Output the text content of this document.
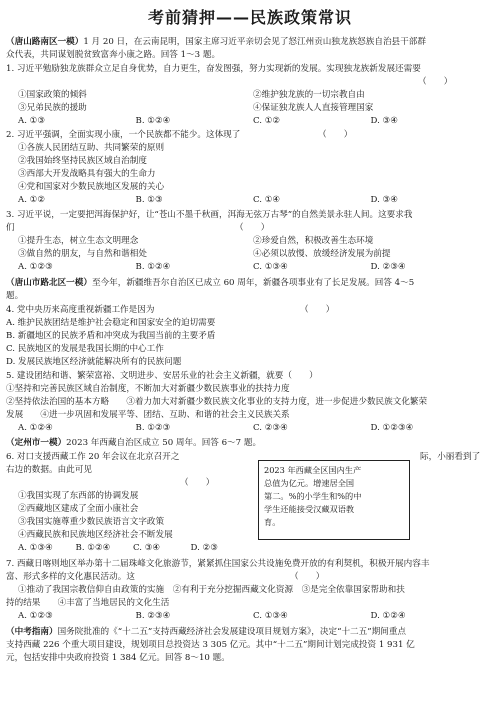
考前猜押——民族政策常识
（唐山路南区一模）1 月 20 日，在云南昆明，国家主席习近平亲切会见了怒江州贡山独龙族怒族自治县干部群
众代表，共同谋划脱贫致富奔小康之路。回答 1～3 题。
1. 习近平勉励独龙族群众立足自身优势，自力更生，奋发图强，努力实现新的发展。实现独龙族新发展还需要
（　　）
①国家政策的倾斜	②维护独龙族的一切宗教自由
③兄弟民族的援助	④保证独龙族人人直接管理国家
A. ①③	B. ①②④	C. ①②	D. ③④
2. 习近平强调，全面实现小康，一个民族都不能少。这体现了	（　　）
①各族人民团结互助、共同繁荣的原则
②我国始终坚持民族区域自治制度
③西部大开发战略具有强大的生命力
④党和国家对少数民族地区发展的关心
A. ①②	B. ①③	C. ①④	D. ③④
3. 习近平说，一定要把洱海保护好，让“苍山不墨千秋画，洱海无弦万古琴”的自然美景永驻人间。这要求我
们	（　　）
①提升生态，树立生态文明理念	②珍爱自然，积极改善生态环境
③做自然的朋友，与自然和谐相处	④必须以放慢、放缓经济发展为前提
A. ①②③	B. ①②④	C. ①③④	D. ②③④
（唐山市路北区一模）至今年，新疆维吾尔自治区已成立 60 周年，新疆各项事业有了长足发展。回答 4～5
题。
4. 党中央历来高度重视新疆工作是因为	（　　）
A. 维护民族团结是维护社会稳定和国家安全的迫切需要
B. 新疆地区的民族矛盾和冲突成为我国当前的主要矛盾
C. 民族地区的发展是我国长期的中心工作
D. 发展民族地区经济就能解决所有的民族问题
5. 建设团结和谐、繁荣富裕、文明进步、安居乐业的社会主义新疆，就要（　　）
①坚持和完善民族区域自治制度，不断加大对新疆少数民族事业的扶持力度
②坚持依法治国的基本方略　　③着力加大对新疆少数民族文化事业的支持力度，进一步促进少数民族文化繁荣
发展　　④进一步巩固和发展平等、团结、互助、和谐的社会主义民族关系
A. ①②④	B. ①②③	C. ②③④	D. ①②③④
（定州市一模）2023 年西藏自治区成立 50 周年。回答 6～7 题。
6. 对口支援西藏工作 20 年会议在北京召开之	际，小丽看到了
右边的数据。由此可见
（　　）
①我国实现了东西部的协调发展
②西藏地区建成了全面小康社会
③我国实施尊重少数民族语言文字政策
④西藏民族和民族地区经济社会不断发展
A. ①③④	B. ①②④	C. ③④	D. ②③
2023 年西藏全区国内生产
总值为亿元。增速居全国
第二。%的小学生和%的中
学生还能接受汉藏双语教
育。
7. 西藏日喀则地区举办第十二届珠峰文化旅游节，紧紧抓住国家公共设施免费开放的有利契机，积极开展内容丰
富、形式多样的文化惠民活动。这	（　　）
①推动了我国宗教信仰自由政策的实施　 ②有利于充分挖掘西藏文化资源　 ③是完全依靠国家帮助和扶
持的结果　　④丰富了当地居民的文化生活
A. ①②③	B. ②③④	C. ①③④	D. ①②④
（中考指南）国务院批准的《“十二五”支持西藏经济社会发展建设项目规划方案》，决定“十二五”期间重点
支持西藏 226 个重大项目建设，规划项目总投资达 3 305 亿元。其中“十二五”期间计划完成投资 1 931 亿
元，包括安排中央政府投资 1 384 亿元。回答 8～10 题。
